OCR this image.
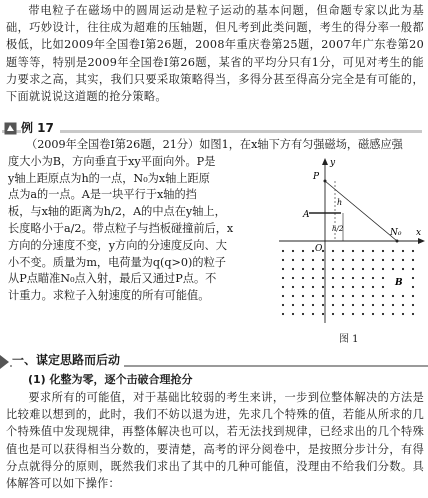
带电粒子在磁场中的圆周运动是粒子运动的基本问题，但命题专家以此为基础，巧妙设计，往往成为超难的压轴题，但凡考到此类问题，考生的得分率一般都极低，比如2009年全国卷Ⅰ第26题，2008年重庆卷第25题，2007年广东卷第20题等等，特别是2009年全国卷Ⅰ第26题，某省的平均分只有1分，可见对考生的能力要求之高，其实，我们只要采取策略得当，多得分甚至得高分完全是有可能的，下面就说说这道题的抢分策略。

例 17
（2009年全国卷Ⅰ第26题，21分）如图1，在x轴下方有匀强磁场，磁感应强
度大小为B，方向垂直于xy平面向外。P是
y轴上距原点为h的一点，N₀为x轴上距原
点为a的一点。A是一块平行于x轴的挡
板，与x轴的距离为h/2，A的中点在y轴上，
长度略小于a/2。带点粒子与挡板碰撞前后，x
方向的分速度不变，y方向的分速度反向、大
小不变。质量为m，电荷量为q(q>0)的粒子
从P点瞄准N₀点入射，最后又通过P点。不
计重力。求粒子入射速度的所有可能值。
y
x
P
A
h
h/2
O
N₀
B
图 1
一、谋定思路而后动
(1) 化整为零，逐个击破合理抢分

要求所有的可能值，对于基础比较弱的考生来讲，一步到位整体解决的方法是比较难以想到的，此时，我们不妨以退为进，先求几个特殊的值，若能从所求的几个特殊值中发现规律，再整体解决也可以，若无法找到规律，已经求出的几个特殊值也是可以获得相当分数的，要清楚，高考的评分阅卷中，是按照分步计分，有得分点就得分的原则，既然我们求出了其中的几种可能值，没理由不给我们分数。具体解答可以如下操作：
